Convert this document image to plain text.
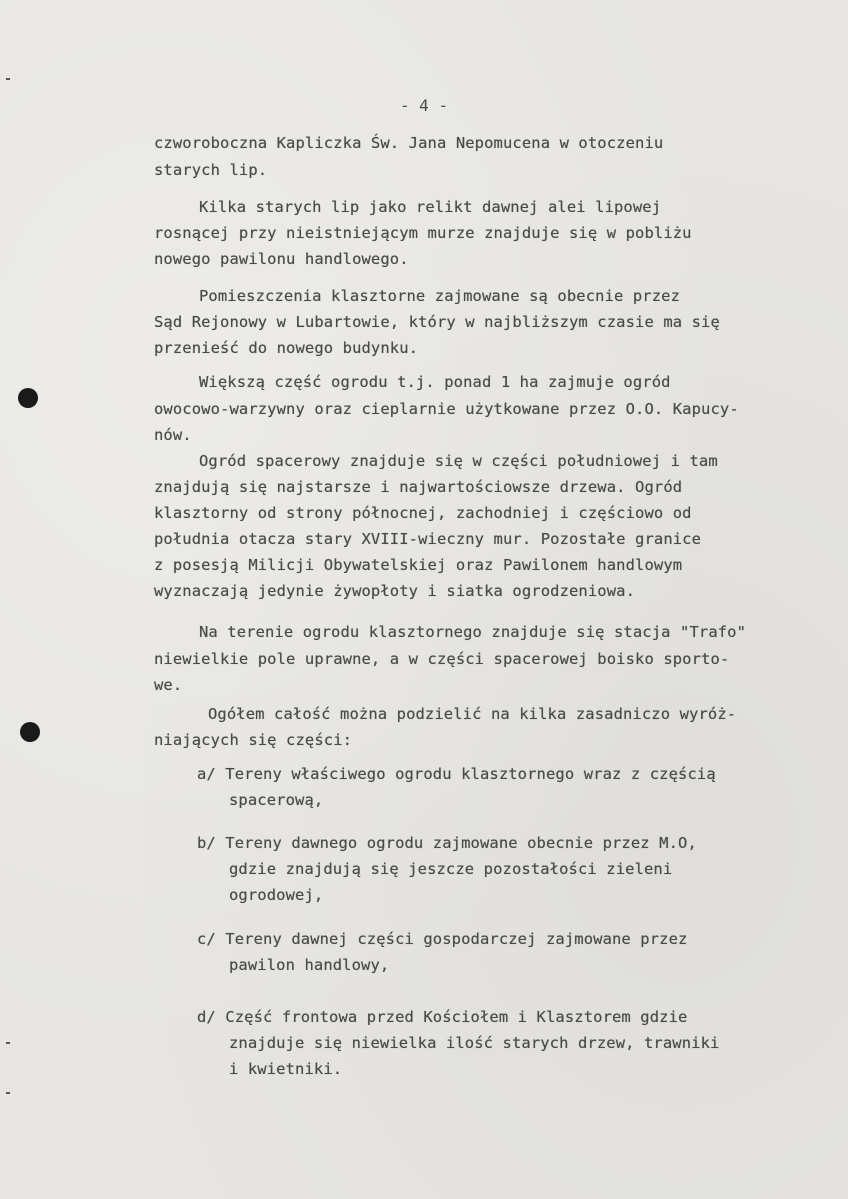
- 4 -
czworoboczna Kapliczka Św. Jana Nepomucena w otoczeniu
starych lip.
Kilka starych lip jako relikt dawnej alei lipowej
rosnącej przy nieistniejącym murze znajduje się w pobliżu
nowego pawilonu handlowego.
Pomieszczenia klasztorne zajmowane są obecnie przez
Sąd Rejonowy w Lubartowie, który w najbliższym czasie ma się
przenieść do nowego budynku.
Większą część ogrodu t.j. ponad 1 ha zajmuje ogród
owocowo-warzywny oraz cieplarnie użytkowane przez O.O. Kapucy-
nów.
Ogród spacerowy znajduje się w części południowej i tam
znajdują się najstarsze i najwartościowsze drzewa. Ogród
klasztorny od strony północnej, zachodniej i częściowo od
południa otacza stary XVIII-wieczny mur. Pozostałe granice
z posesją Milicji Obywatelskiej oraz Pawilonem handlowym
wyznaczają jedynie żywopłoty i siatka ogrodzeniowa.
Na terenie ogrodu klasztornego znajduje się stacja "Trafo"
niewielkie pole uprawne, a w części spacerowej boisko sporto-
we.
Ogółem całość można podzielić na kilka zasadniczo wyróż-
niających się części:
a/ Tereny właściwego ogrodu klasztornego wraz z częścią
spacerową,
b/ Tereny dawnego ogrodu zajmowane obecnie przez M.O,
gdzie znajdują się jeszcze pozostałości zieleni
ogrodowej,
c/ Tereny dawnej części gospodarczej zajmowane przez
pawilon handlowy,
d/ Część frontowa przed Kościołem i Klasztorem gdzie
znajduje się niewielka ilość starych drzew, trawniki
i kwietniki.
